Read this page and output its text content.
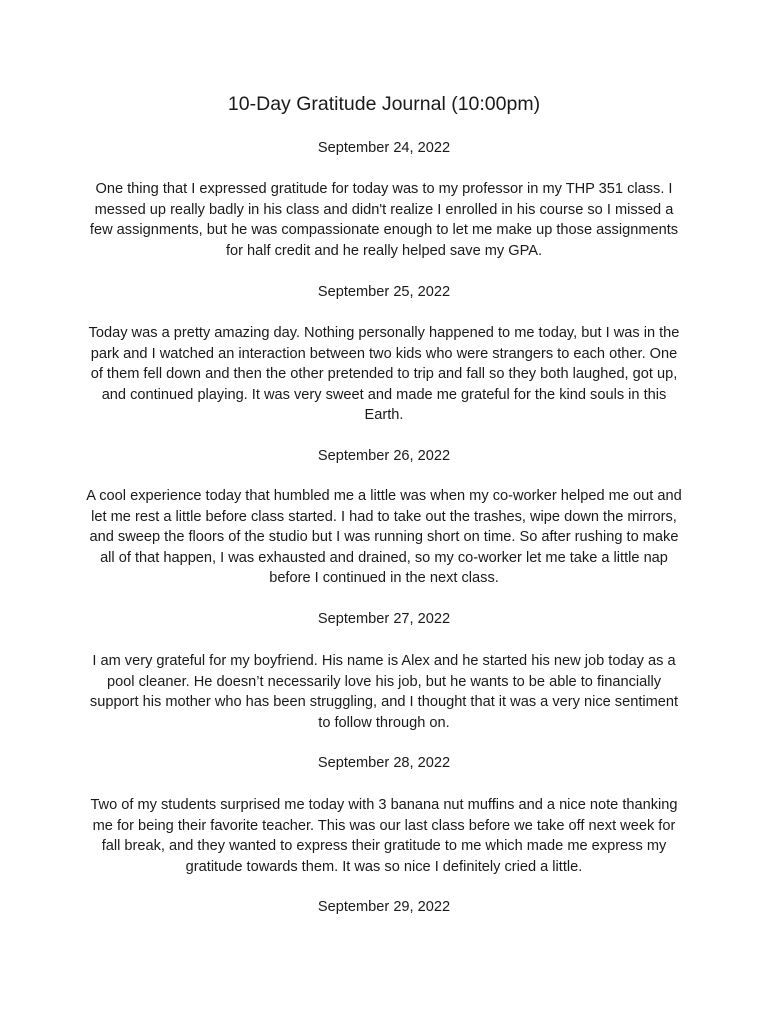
10-Day Gratitude Journal (10:00pm)

September 24, 2022

One thing that I expressed gratitude for today was to my professor in my THP 351 class. I messed up really badly in his class and didn't realize I enrolled in his course so I missed a few assignments, but he was compassionate enough to let me make up those assignments for half credit and he really helped save my GPA.

September 25, 2022

Today was a pretty amazing day. Nothing personally happened to me today, but I was in the park and I watched an interaction between two kids who were strangers to each other. One of them fell down and then the other pretended to trip and fall so they both laughed, got up, and continued playing. It was very sweet and made me grateful for the kind souls in this Earth.

September 26, 2022

A cool experience today that humbled me a little was when my co-worker helped me out and let me rest a little before class started. I had to take out the trashes, wipe down the mirrors, and sweep the floors of the studio but I was running short on time. So after rushing to make all of that happen, I was exhausted and drained, so my co-worker let me take a little nap before I continued in the next class.

September 27, 2022

I am very grateful for my boyfriend. His name is Alex and he started his new job today as a pool cleaner. He doesn’t necessarily love his job, but he wants to be able to financially support his mother who has been struggling, and I thought that it was a very nice sentiment to follow through on.

September 28, 2022

Two of my students surprised me today with 3 banana nut muffins and a nice note thanking me for being their favorite teacher. This was our last class before we take off next week for fall break, and they wanted to express their gratitude to me which made me express my gratitude towards them. It was so nice I definitely cried a little.

September 29, 2022
